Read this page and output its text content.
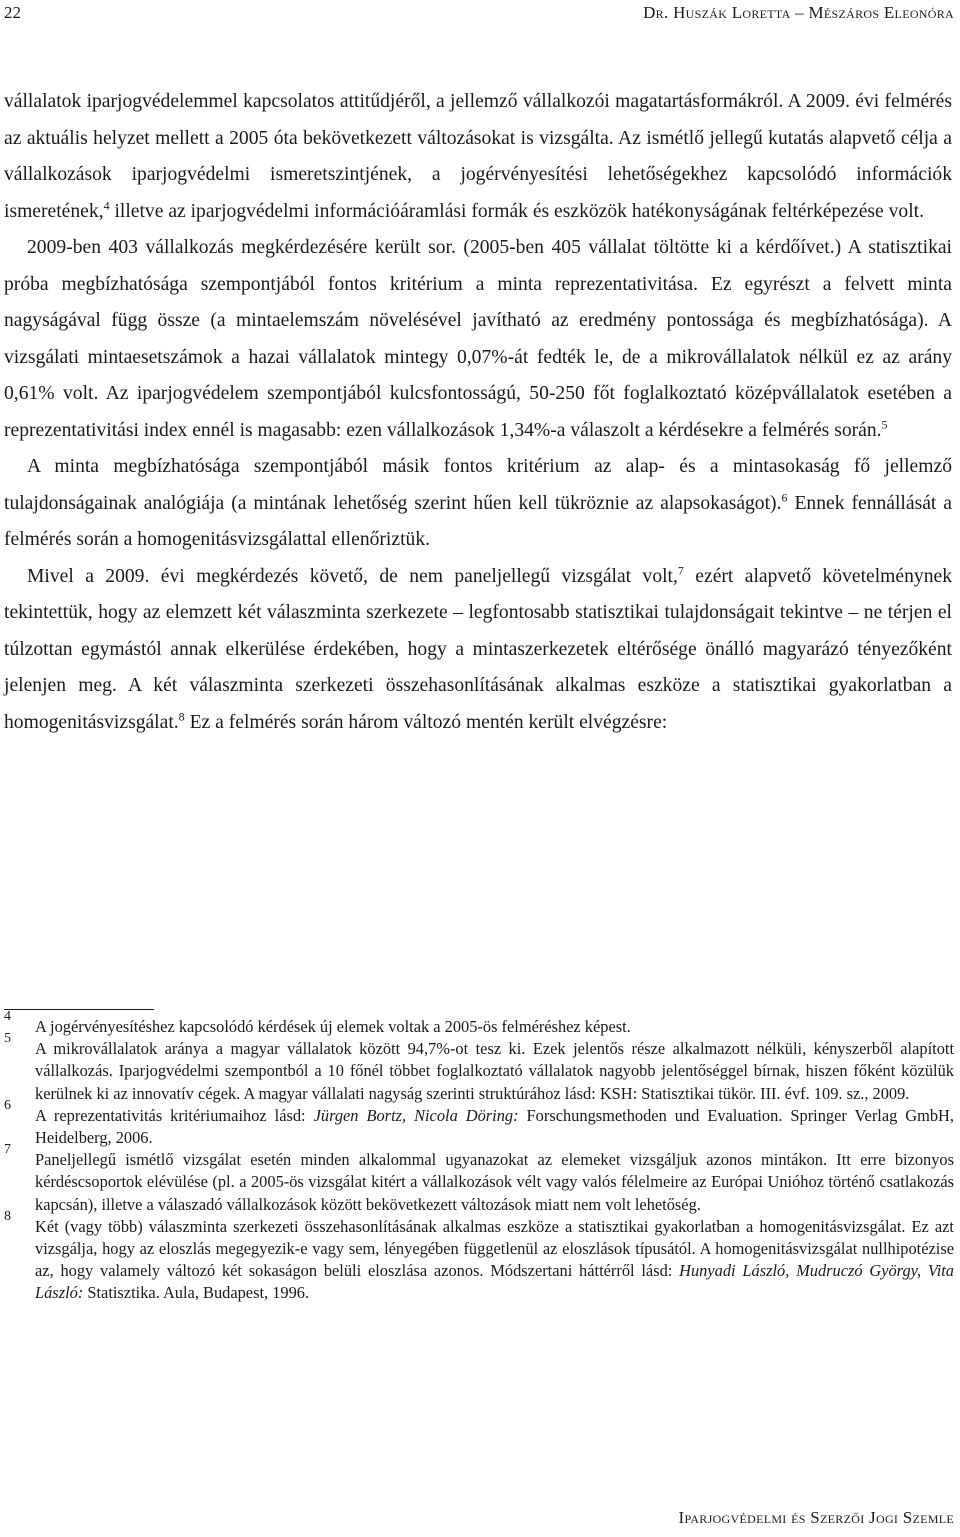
22	Dr. Huszák Loretta – Mészáros Eleonóra

vállalatok iparjogvédelemmel kapcsolatos attitűdjéről, a jellemző vállalkozói magatartásformákról. A 2009. évi felmérés az aktuális helyzet mellett a 2005 óta bekövetkezett változásokat is vizsgálta. Az ismétlő jellegű kutatás alapvető célja a vállalkozások iparjogvédelmi ismeretszintjének, a jogérvényesítési lehetőségekhez kapcsolódó információk ismeretének,$^4$ illetve az iparjogvédelmi információáramlási formák és eszközök hatékonyságának feltérképezése volt.

2009-ben 403 vállalkozás megkérdezésére került sor. (2005-ben 405 vállalat töltötte ki a kérdőívet.) A statisztikai próba megbízhatósága szempontjából fontos kritérium a minta reprezentativitása. Ez egyrészt a felvett minta nagyságával függ össze (a mintaelemszám növelésével javítható az eredmény pontossága és megbízhatósága). A vizsgálati mintaesetszámok a hazai vállalatok mintegy 0,07%-át fedték le, de a mikrovállalatok nélkül ez az arány 0,61% volt. Az iparjogvédelem szempontjából kulcsfontosságú, 50-250 főt foglalkoztató középvállalatok esetében a reprezentativitási index ennél is magasabb: ezen vállalkozások 1,34%-a válaszolt a kérdésekre a felmérés során.$^5$

A minta megbízhatósága szempontjából másik fontos kritérium az alap- és a mintasokaság fő jellemző tulajdonságainak analógiája (a mintának lehetőség szerint hűen kell tükröznie az alapsokaságot).$^6$ Ennek fennállását a felmérés során a homogenitásvizsgálattal ellenőriztük.

Mivel a 2009. évi megkérdezés követő, de nem paneljellegű vizsgálat volt,$^7$ ezért alapvető követelménynek tekintettük, hogy az elemzett két válaszminta szerkezete – legfontosabb statisztikai tulajdonságait tekintve – ne térjen el túlzottan egymástól annak elkerülése érdekében, hogy a mintaszerkezetek eltérősége önálló magyarázó tényezőként jelenjen meg. A két válaszminta szerkezeti összehasonlításának alkalmas eszköze a statisztikai gyakorlatban a homogenitásvizsgálat.$^8$ Ez a felmérés során három változó mentén került elvégzésre:

4
A jogérvényesítéshez kapcsolódó kérdések új elemek voltak a 2005-ös felméréshez képest.
5
A mikrovállalatok aránya a magyar vállalatok között 94,7%-ot tesz ki. Ezek jelentős része alkalmazott nélküli, kényszerből alapított vállalkozás. Iparjogvédelmi szempontból a 10 főnél többet foglalkoztató vállalatok nagyobb jelentőséggel bírnak, hiszen főként közülük kerülnek ki az innovatív cégek. A magyar vállalati nagyság szerinti struktúrához lásd: KSH: Statisztikai tükör. III. évf. 109. sz., 2009.
6
A reprezentativitás kritériumaihoz lásd: Jürgen Bortz, Nicola Döring: Forschungsmethoden und Evaluation. Springer Verlag GmbH, Heidelberg, 2006.
7
Paneljellegű ismétlő vizsgálat esetén minden alkalommal ugyanazokat az elemeket vizsgáljuk azonos mintákon. Itt erre bizonyos kérdéscsoportok elévülése (pl. a 2005-ös vizsgálat kitért a vállalkozások vélt vagy valós félelmeire az Európai Unióhoz történő csatlakozás kapcsán), illetve a válaszadó vállalkozások között bekövetkezett változások miatt nem volt lehetőség.
8
Két (vagy több) válaszminta szerkezeti összehasonlításának alkalmas eszköze a statisztikai gyakorlatban a homogenitásvizsgálat. Ez azt vizsgálja, hogy az eloszlás megegyezik-e vagy sem, lényegében függetlenül az eloszlások típusától. A homogenitásvizsgálat nullhipotézise az, hogy valamely változó két sokaságon belüli eloszlása azonos. Módszertani háttérről lásd: Hunyadi László, Mudruczó György, Vita László: Statisztika. Aula, Budapest, 1996.
Iparjogvédelmi és Szerzői Jogi Szemle
